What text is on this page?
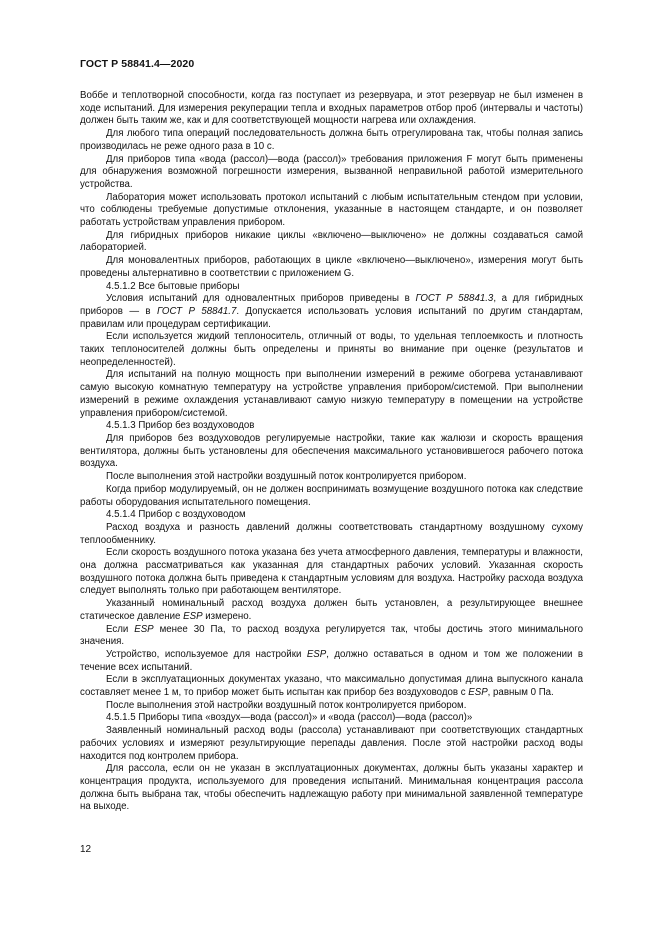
ГОСТ Р 58841.4—2020

Воббе и теплотворной способности, когда газ поступает из резервуара, и этот резервуар не был изменен в ходе испытаний. Для измерения рекуперации тепла и входных параметров отбор проб (интервалы и частоты) должен быть таким же, как и для соответствующей мощности нагрева или охлаждения.

Для любого типа операций последовательность должна быть отрегулирована так, чтобы полная запись производилась не реже одного раза в 10 с.

Для приборов типа «вода (рассол)—вода (рассол)» требования приложения F могут быть применены для обнаружения возможной погрешности измерения, вызванной неправильной работой измерительного устройства.

Лаборатория может использовать протокол испытаний с любым испытательным стендом при условии, что соблюдены требуемые допустимые отклонения, указанные в настоящем стандарте, и он позволяет работать устройствам управления прибором.

Для гибридных приборов никакие циклы «включено—выключено» не должны создаваться самой лабораторией.

Для моновалентных приборов, работающих в цикле «включено—выключено», измерения могут быть проведены альтернативно в соответствии с приложением G.

4.5.1.2 Все бытовые приборы

Условия испытаний для одновалентных приборов приведены в ГОСТ Р 58841.3, а для гибридных приборов — в ГОСТ Р 58841.7. Допускается использовать условия испытаний по другим стандартам, правилам или процедурам сертификации.

Если используется жидкий теплоноситель, отличный от воды, то удельная теплоемкость и плотность таких теплоносителей должны быть определены и приняты во внимание при оценке (результатов и неопределенностей).

Для испытаний на полную мощность при выполнении измерений в режиме обогрева устанавливают самую высокую комнатную температуру на устройстве управления прибором/системой. При выполнении измерений в режиме охлаждения устанавливают самую низкую температуру в помещении на устройстве управления прибором/системой.

4.5.1.3 Прибор без воздуховодов

Для приборов без воздуховодов регулируемые настройки, такие как жалюзи и скорость вращения вентилятора, должны быть установлены для обеспечения максимального установившегося рабочего потока воздуха.

После выполнения этой настройки воздушный поток контролируется прибором.

Когда прибор модулируемый, он не должен воспринимать возмущение воздушного потока как следствие работы оборудования испытательного помещения.

4.5.1.4 Прибор с воздуховодом

Расход воздуха и разность давлений должны соответствовать стандартному воздушному сухому теплообменнику.

Если скорость воздушного потока указана без учета атмосферного давления, температуры и влажности, она должна рассматриваться как указанная для стандартных рабочих условий. Указанная скорость воздушного потока должна быть приведена к стандартным условиям для воздуха. Настройку расхода воздуха следует выполнять только при работающем вентиляторе.

Указанный номинальный расход воздуха должен быть установлен, а результирующее внешнее статическое давление ESP измерено.

Если ESP менее 30 Па, то расход воздуха регулируется так, чтобы достичь этого минимального значения.

Устройство, используемое для настройки ESP, должно оставаться в одном и том же положении в течение всех испытаний.

Если в эксплуатационных документах указано, что максимально допустимая длина выпускного канала составляет менее 1 м, то прибор может быть испытан как прибор без воздуховодов с ESP, равным 0 Па.

После выполнения этой настройки воздушный поток контролируется прибором.

4.5.1.5 Приборы типа «воздух—вода (рассол)» и «вода (рассол)—вода (рассол)»

Заявленный номинальный расход воды (рассола) устанавливают при соответствующих стандартных рабочих условиях и измеряют результирующие перепады давления. После этой настройки расход воды находится под контролем прибора.

Для рассола, если он не указан в эксплуатационных документах, должны быть указаны характер и концентрация продукта, используемого для проведения испытаний. Минимальная концентрация рассола должна быть выбрана так, чтобы обеспечить надлежащую работу при минимальной заявленной температуре на выходе.

12
